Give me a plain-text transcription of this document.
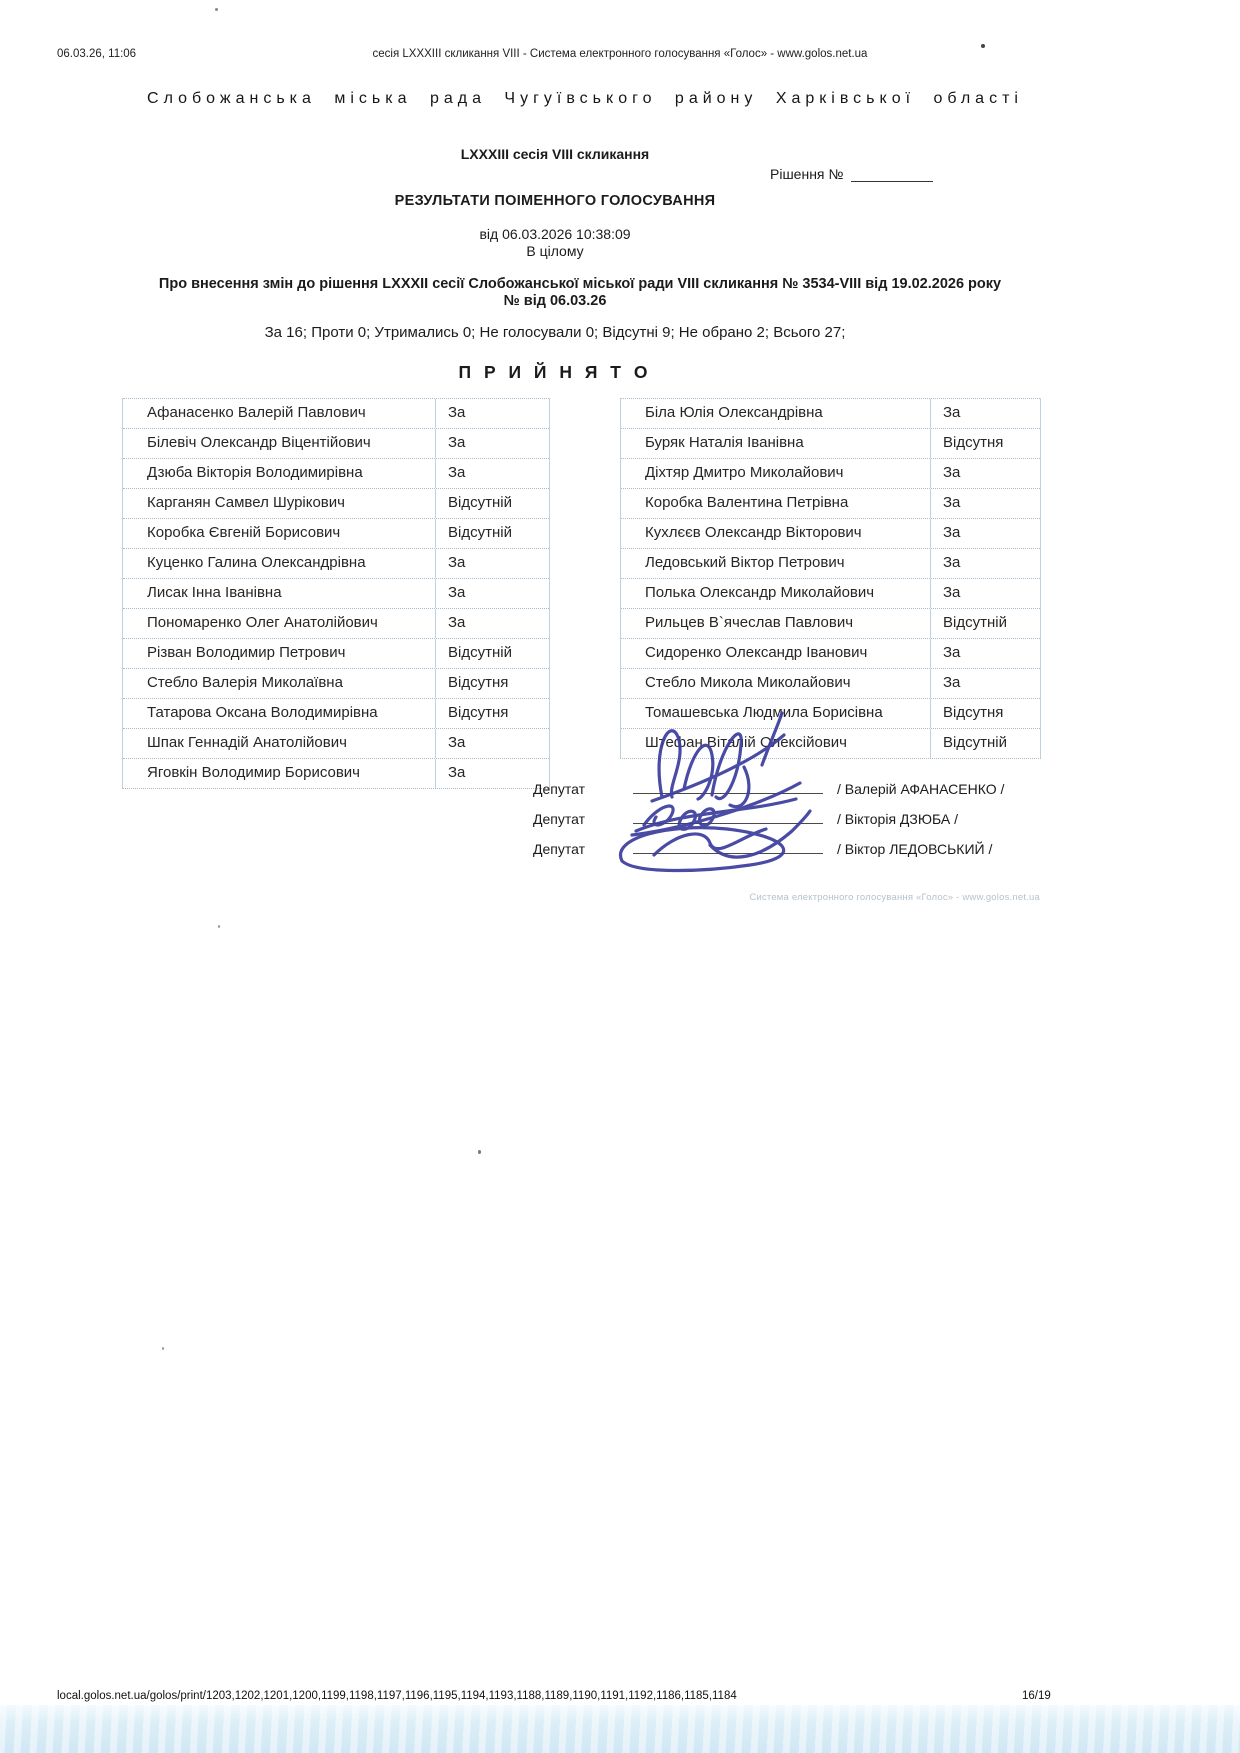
06.03.26, 11:06	сесія LXXXIII скликання VIII - Система електронного голосування «Голос» - www.golos.net.ua
Слобожанська міська рада Чугуївського району Харківської області
LXXXIII сесія VIII скликання
Рішення №
РЕЗУЛЬТАТИ ПОІМЕННОГО ГОЛОСУВАННЯ
від 06.03.2026 10:38:09
В цілому
Про внесення змін до рішення LXXXII сесії Слобожанської міської ради VIII скликання № 3534-VIII від 19.02.2026 року
№ від 06.03.26
За 16; Проти 0; Утримались 0; Не голосували 0; Відсутні 9; Не обрано 2; Всього 27;
П Р И Й Н Я Т О
Афанасенко Валерій Павлович	За
Білевіч Олександр Віцентійович	За
Дзюба Вікторія Володимирівна	За
Карганян Самвел Шурікович	Відсутній
Коробка Євгеній Борисович	Відсутній
Куценко Галина Олександрівна	За
Лисак Інна Іванівна	За
Пономаренко Олег Анатолійович	За
Різван Володимир Петрович	Відсутній
Стебло Валерія Миколаївна	Відсутня
Татарова Оксана Володимирівна	Відсутня
Шпак Геннадій Анатолійович	За
Яговкін Володимир Борисович	За
Біла Юлія Олександрівна	За
Буряк Наталія Іванівна	Відсутня
Діхтяр Дмитро Миколайович	За
Коробка Валентина Петрівна	За
Кухлєєв Олександр Вікторович	За
Ледовський Віктор Петрович	За
Полька Олександр Миколайович	За
Рильцев В`ячеслав Павлович	Відсутній
Сидоренко Олександр Іванович	За
Стебло Микола Миколайович	За
Томашевська Людмила Борисівна	Відсутня
Штефан Віталій Олексійович	Відсутній
Депутат	/ Валерій АФАНАСЕНКО /
Депутат	/ Вікторія ДЗЮБА /
Депутат	/ Віктор ЛЕДОВСЬКИЙ /
Система електронного голосування «Голос» - www.golos.net.ua
local.golos.net.ua/golos/print/1203,1202,1201,1200,1199,1198,1197,1196,1195,1194,1193,1188,1189,1190,1191,1192,1186,1185,1184	16/19
